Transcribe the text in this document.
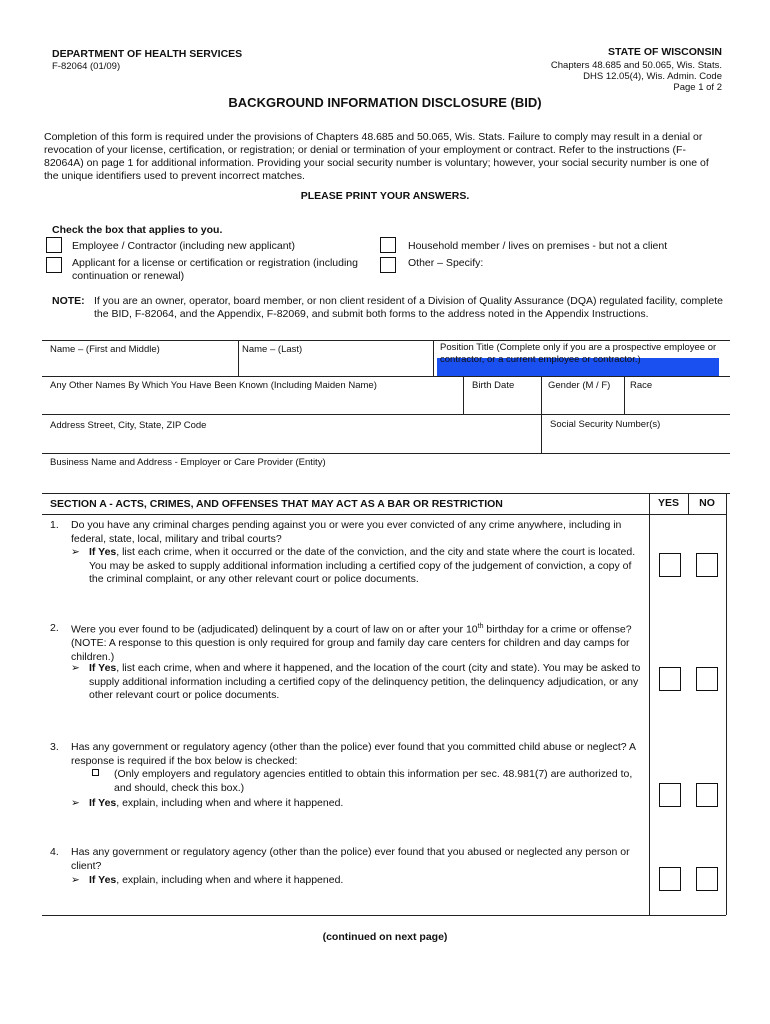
DEPARTMENT OF HEALTH SERVICES
F-82064 (01/09)
STATE OF WISCONSIN
Chapters 48.685 and 50.065, Wis. Stats.
DHS 12.05(4), Wis. Admin. Code
Page 1 of 2
BACKGROUND INFORMATION DISCLOSURE (BID)
Completion of this form is required under the provisions of Chapters 48.685 and 50.065, Wis. Stats. Failure to comply may result in a denial or revocation of your license, certification, or registration; or denial or termination of your employment or contract. Refer to the instructions (F-82064A) on page 1 for additional information. Providing your social security number is voluntary; however, your social security number is one of the unique identifiers used to prevent incorrect matches.
PLEASE PRINT YOUR ANSWERS.
Check the box that applies to you.
Employee / Contractor (including new applicant)
Applicant for a license or certification or registration (including continuation or renewal)
Household member / lives on premises - but not a client
Other – Specify:
NOTE: If you are an owner, operator, board member, or non client resident of a Division of Quality Assurance (DQA) regulated facility, complete the BID, F-82064, and the Appendix, F-82069, and submit both forms to the address noted in the Appendix Instructions.
Name – (First and Middle)	Name – (Last)	Position Title (Complete only if you are a prospective employee or contractor, or a current employee or contractor.)
Any Other Names By Which You Have Been Known (Including Maiden Name)	Birth Date	Gender (M / F) Race
Address Street, City, State, ZIP Code	Social Security Number(s)
Business Name and Address - Employer or Care Provider (Entity)
SECTION A - ACTS, CRIMES, AND OFFENSES THAT MAY ACT AS A BAR OR RESTRICTION	YES	NO
1. Do you have any criminal charges pending against you or were you ever convicted of any crime anywhere, including in federal, state, local, military and tribal courts?
➢ If Yes, list each crime, when it occurred or the date of the conviction, and the city and state where the court is located. You may be asked to supply additional information including a certified copy of the judgement of conviction, a copy of the criminal complaint, or any other relevant court or police documents.
2. Were you ever found to be (adjudicated) delinquent by a court of law on or after your 10th birthday for a crime or offense? (NOTE: A response to this question is only required for group and family day care centers for children and day camps for children.)
➢ If Yes, list each crime, when and where it happened, and the location of the court (city and state). You may be asked to supply additional information including a certified copy of the delinquency petition, the delinquency adjudication, or any other relevant court or police documents.
3. Has any government or regulatory agency (other than the police) ever found that you committed child abuse or neglect? A response is required if the box below is checked:
(Only employers and regulatory agencies entitled to obtain this information per sec. 48.981(7) are authorized to, and should, check this box.)
➢ If Yes, explain, including when and where it happened.
4. Has any government or regulatory agency (other than the police) ever found that you abused or neglected any person or client?
➢ If Yes, explain, including when and where it happened.
(continued on next page)
